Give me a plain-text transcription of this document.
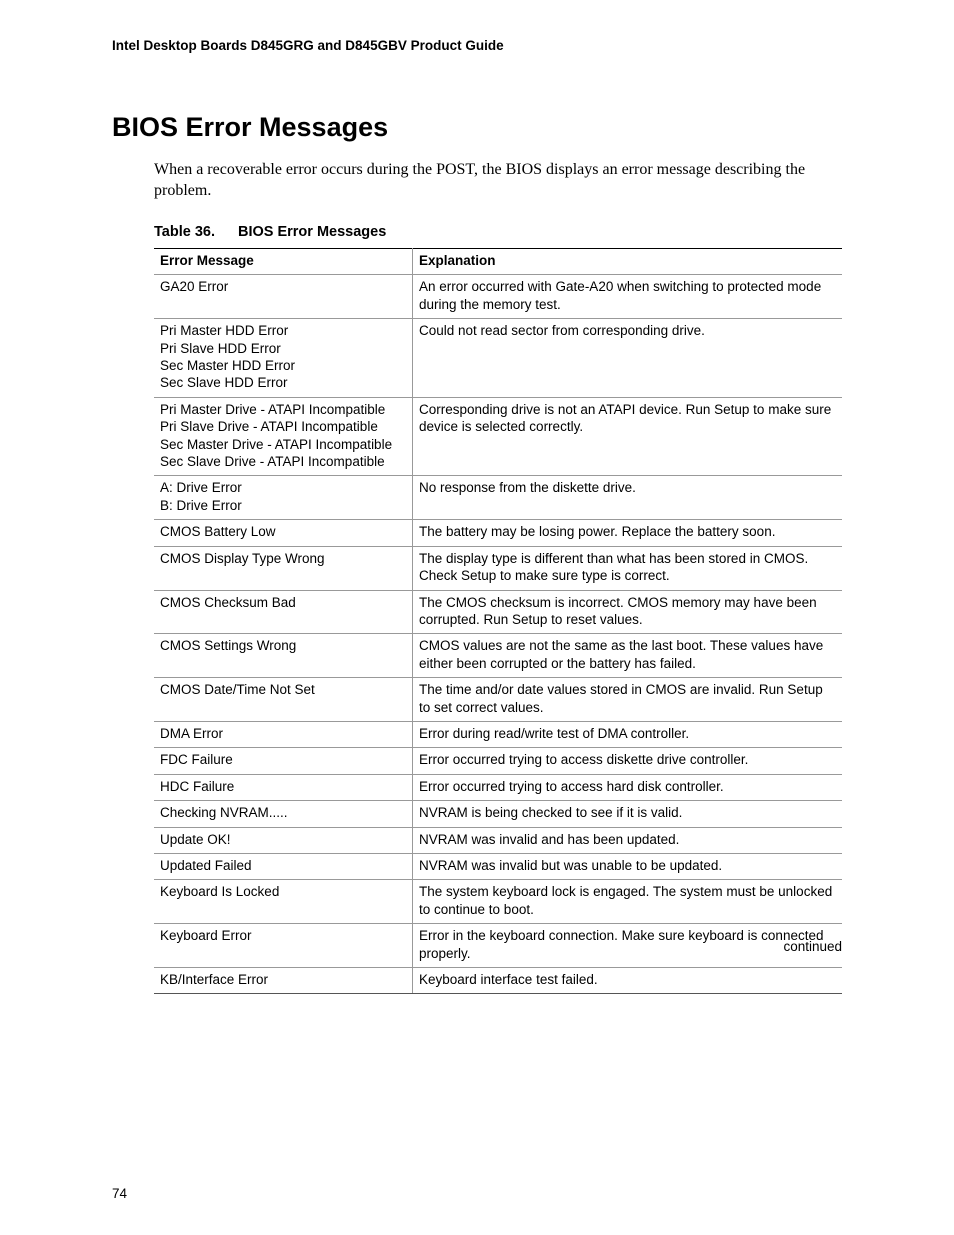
Intel Desktop Boards D845GRG and D845GBV Product Guide
BIOS Error Messages

When a recoverable error occurs during the POST, the BIOS displays an error message describing the problem.

Table 36. BIOS Error Messages
Error Message	Explanation

GA20 Error	An error occurred with Gate-A20 when switching to protected mode during the memory test.

Pri Master HDD Error
Pri Slave HDD Error
Sec Master HDD Error
Sec Slave HDD Error	Could not read sector from corresponding drive.

Pri Master Drive - ATAPI Incompatible
Pri Slave Drive - ATAPI Incompatible
Sec Master Drive - ATAPI Incompatible
Sec Slave Drive - ATAPI Incompatible	Corresponding drive is not an ATAPI device. Run Setup to make sure device is selected correctly.

A: Drive Error
B: Drive Error	No response from the diskette drive.

CMOS Battery Low	The battery may be losing power. Replace the battery soon.

CMOS Display Type Wrong	The display type is different than what has been stored in CMOS. Check Setup to make sure type is correct.

CMOS Checksum Bad	The CMOS checksum is incorrect. CMOS memory may have been corrupted. Run Setup to reset values.

CMOS Settings Wrong	CMOS values are not the same as the last boot. These values have either been corrupted or the battery has failed.

CMOS Date/Time Not Set	The time and/or date values stored in CMOS are invalid. Run Setup to set correct values.

DMA Error	Error during read/write test of DMA controller.

FDC Failure	Error occurred trying to access diskette drive controller.

HDC Failure	Error occurred trying to access hard disk controller.

Checking NVRAM.....	NVRAM is being checked to see if it is valid.

Update OK!	NVRAM was invalid and has been updated.

Updated Failed	NVRAM was invalid but was unable to be updated.

Keyboard Is Locked	The system keyboard lock is engaged. The system must be unlocked to continue to boot.

Keyboard Error	Error in the keyboard connection. Make sure keyboard is connected properly.

KB/Interface Error	Keyboard interface test failed.
continued
74
